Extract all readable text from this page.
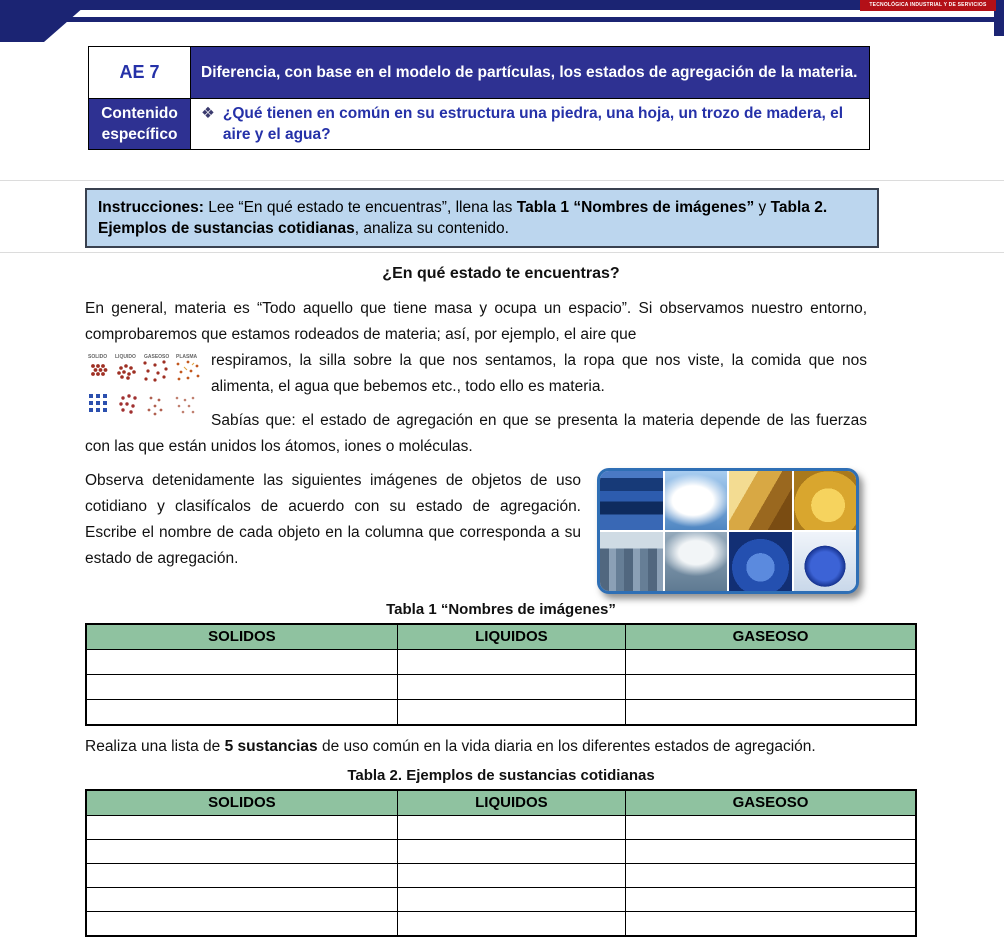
TECNOLÓGICA INDUSTRIAL Y DE SERVICIOS
AE 7	Diferencia, con base en el modelo de partículas, los estados de agregación de la materia.
Contenido específico	❖ ¿Qué tienen en común en su estructura una piedra, una hoja, un trozo de madera, el aire y el agua?
Instrucciones: Lee “En qué estado te encuentras”, llena las Tabla 1 “Nombres de imágenes” y Tabla 2. Ejemplos de sustancias cotidianas, analiza su contenido.
¿En qué estado te encuentras?

En general, materia es “Todo aquello que tiene masa y ocupa un espacio”. Si observamos nuestro entorno, comprobaremos que estamos rodeados de materia; así, por ejemplo, el aire que

SOLIDO LIQUIDO GASEOSO PLASMA respiramos, la silla sobre la que nos sentamos, la ropa que nos viste, la comida que nos alimenta, el agua que bebemos etc., todo ello es materia.

Sabías que: el estado de agregación en que se presenta la materia depende de las fuerzas con las que están unidos los átomos, iones o moléculas.

Observa detenidamente las siguientes imágenes de objetos de uso cotidiano y clasifícalos de acuerdo con su estado de agregación. Escribe el nombre de cada objeto en la columna que corresponda a su estado de agregación.

Tabla 1 “Nombres de imágenes”
SOLIDOS	LIQUIDOS	GASEOSO

Realiza una lista de 5 sustancias de uso común en la vida diaria en los diferentes estados de agregación.

Tabla 2. Ejemplos de sustancias cotidianas
SOLIDOS	LIQUIDOS	GASEOSO
